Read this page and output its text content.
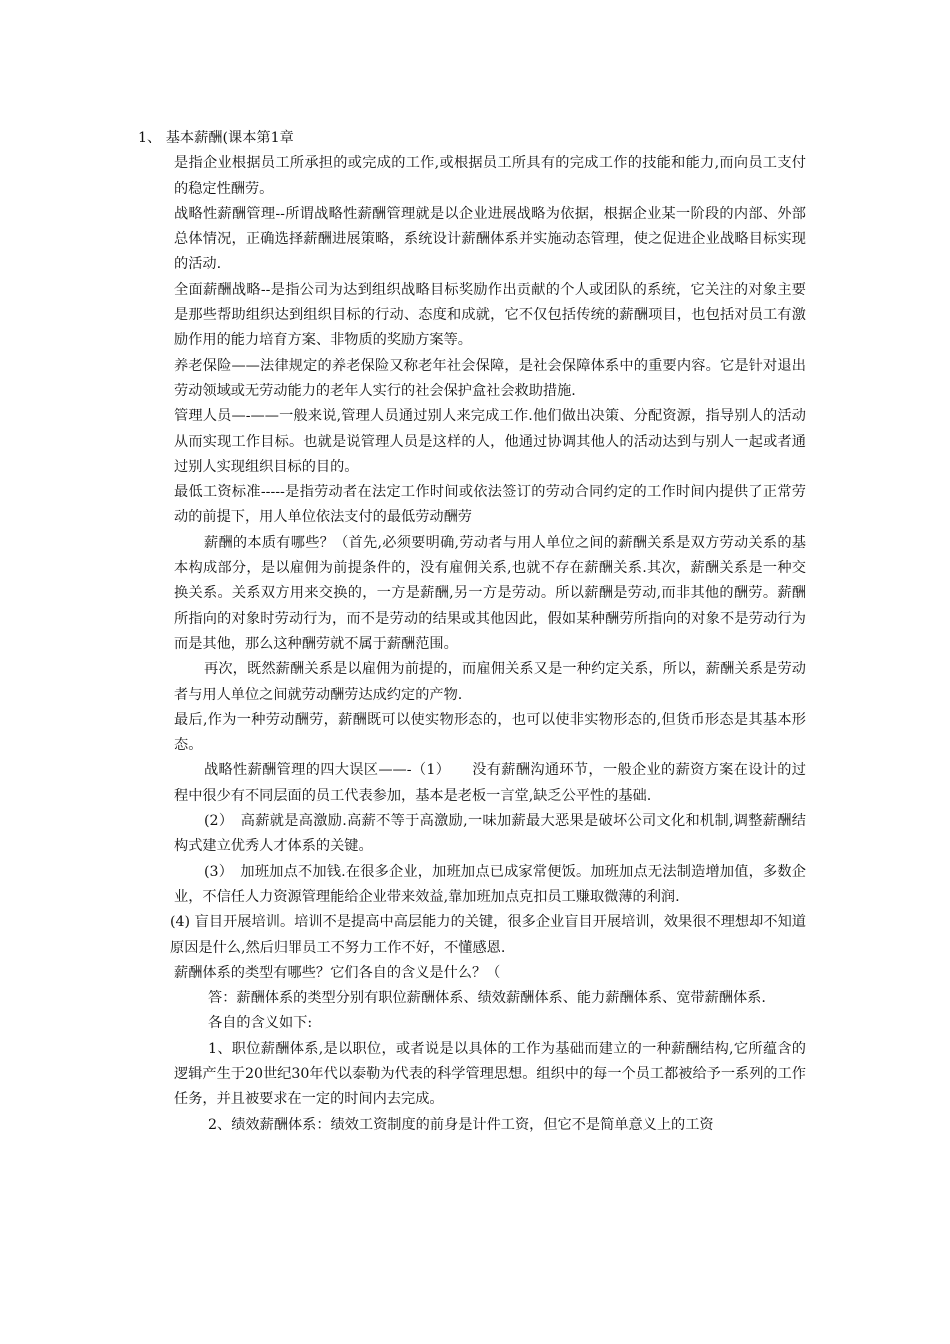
1、 基本薪酬(课本第1章

是指企业根据员工所承担的或完成的工作,或根据员工所具有的完成工作的技能和能力,而向员工支付的稳定性酬劳。

战略性薪酬管理--所谓战略性薪酬管理就是以企业进展战略为依据，根据企业某一阶段的内部、外部总体情况，正确选择薪酬进展策略，系统设计薪酬体系并实施动态管理，使之促进企业战略目标实现的活动.

全面薪酬战略--是指公司为达到组织战略目标奖励作出贡献的个人或团队的系统，它关注的对象主要是那些帮助组织达到组织目标的行动、态度和成就，它不仅包括传统的薪酬项目，也包括对员工有激励作用的能力培育方案、非物质的奖励方案等。

养老保险——法律规定的养老保险又称老年社会保障，是社会保障体系中的重要内容。它是针对退出劳动领域或无劳动能力的老年人实行的社会保护盒社会救助措施.

管理人员—-——一般来说,管理人员通过别人来完成工作.他们做出决策、分配资源，指导别人的活动从而实现工作目标。也就是说管理人员是这样的人，他通过协调其他人的活动达到与别人一起或者通过别人实现组织目标的目的。

最低工资标准-----是指劳动者在法定工作时间或依法签订的劳动合同约定的工作时间内提供了正常劳动的前提下，用人单位依法支付的最低劳动酬劳

薪酬的本质有哪些？（首先,必须要明确,劳动者与用人单位之间的薪酬关系是双方劳动关系的基本构成部分，是以雇佣为前提条件的，没有雇佣关系,也就不存在薪酬关系.其次，薪酬关系是一种交换关系。关系双方用来交换的，一方是薪酬,另一方是劳动。所以薪酬是劳动,而非其他的酬劳。薪酬所指向的对象时劳动行为，而不是劳动的结果或其他因此，假如某种酬劳所指向的对象不是劳动行为而是其他，那么这种酬劳就不属于薪酬范围。

再次，既然薪酬关系是以雇佣为前提的，而雇佣关系又是一种约定关系，所以，薪酬关系是劳动者与用人单位之间就劳动酬劳达成约定的产物.

最后,作为一种劳动酬劳，薪酬既可以使实物形态的，也可以使非实物形态的,但货币形态是其基本形态。

战略性薪酬管理的四大误区——-（1）　　没有薪酬沟通环节，一般企业的薪资方案在设计的过程中很少有不同层面的员工代表参加，基本是老板一言堂,缺乏公平性的基础.

(2）　高薪就是高激励.高薪不等于高激励,一味加薪最大恶果是破坏公司文化和机制,调整薪酬结构式建立优秀人才体系的关键。

(3）　加班加点不加钱.在很多企业，加班加点已成家常便饭。加班加点无法制造增加值，多数企业，不信任人力资源管理能给企业带来效益,靠加班加点克扣员工赚取微薄的利润.

(4) 盲目开展培训。培训不是提高中高层能力的关键，很多企业盲目开展培训，效果很不理想却不知道原因是什么,然后归罪员工不努力工作不好，不懂感恩.

薪酬体系的类型有哪些？它们各自的含义是什么？（

答：薪酬体系的类型分别有职位薪酬体系、绩效薪酬体系、能力薪酬体系、宽带薪酬体系.

各自的含义如下:

1、职位薪酬体系,是以职位，或者说是以具体的工作为基础而建立的一种薪酬结构,它所蕴含的逻辑产生于20世纪30年代以泰勒为代表的科学管理思想。组织中的每一个员工都被给予一系列的工作任务，并且被要求在一定的时间内去完成。

2、绩效薪酬体系：绩效工资制度的前身是计件工资，但它不是简单意义上的工资
